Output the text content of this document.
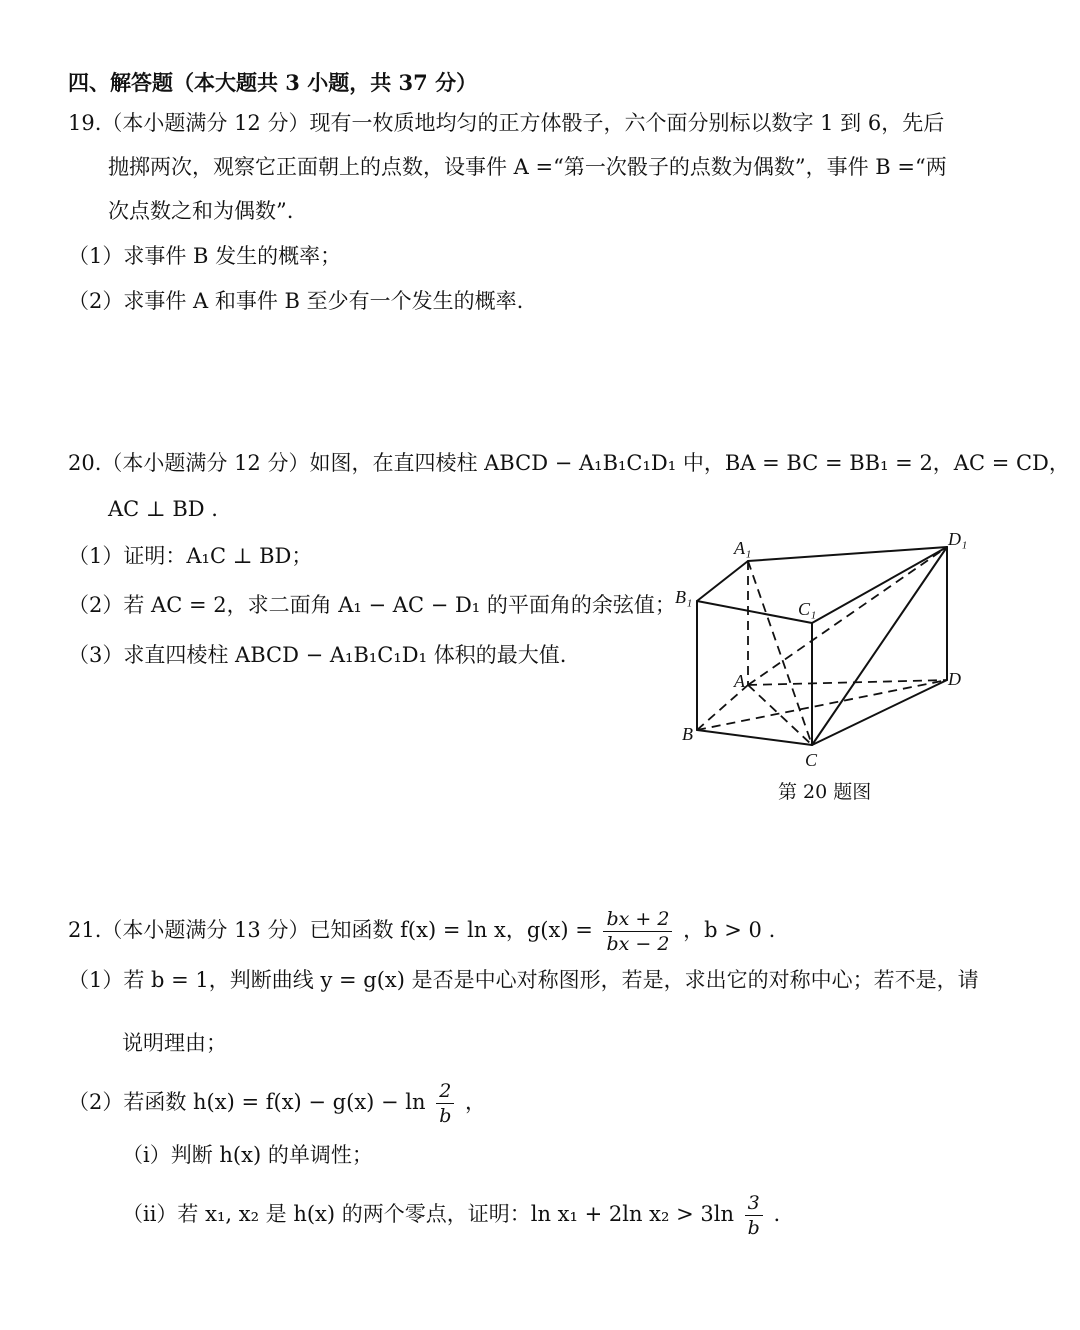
四、解答题（本大题共 3 小题，共 37 分）
19.（本小题满分 12 分）现有一枚质地均匀的正方体骰子，六个面分别标以数字 1 到 6，先后
抛掷两次，观察它正面朝上的点数，设事件 A =“第一次骰子的点数为偶数”，事件 B =“两
次点数之和为偶数”.
（1）求事件 B 发生的概率；
（2）求事件 A 和事件 B 至少有一个发生的概率.
20.（本小题满分 12 分）如图，在直四棱柱 ABCD − A₁B₁C₁D₁ 中，BA = BC = BB₁ = 2，AC = CD，
AC ⊥ BD .
（1）证明：A₁C ⊥ BD；
（2）若 AC = 2，求二面角 A₁ − AC − D₁ 的平面角的余弦值；
（3）求直四棱柱 ABCD − A₁B₁C₁D₁ 体积的最大值.
A₁
B₁
C₁
D₁
A
B
C
D
第 20 题图
21.（本小题满分 13 分）已知函数 f(x) = ln x，$g(x) = \frac{bx + 2}{bx - 2}$ ，b > 0 .
（1）若 b = 1，判断曲线 y = g(x) 是否是中心对称图形，若是，求出它的对称中心；若不是，请
说明理由；
（2）若函数 $h(x) = f(x) - g(x) - \ln \frac{2}{b}$ ，
（i）判断 h(x) 的单调性；
（ii）若 x₁, x₂ 是 h(x) 的两个零点，证明：ln x₁ + 2ln $x_2 > 3\ln \frac{3}{b}$ .
